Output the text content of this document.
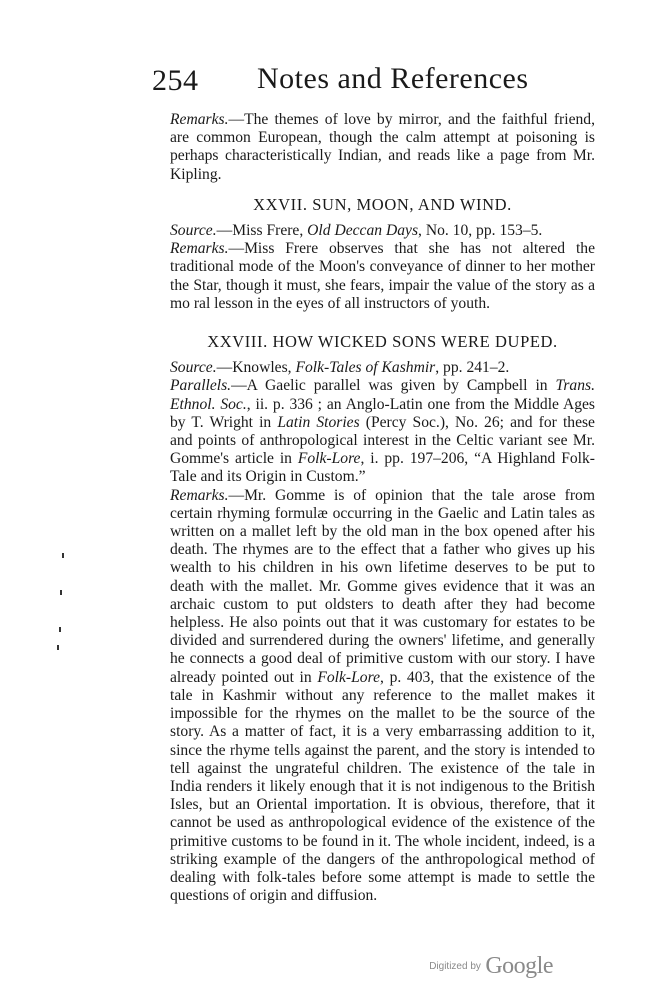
254 Notes and References

Remarks.—The themes of love by mirror, and the faithful friend, are common European, though the calm attempt at poisoning is perhaps characteristically Indian, and reads like a page from Mr. Kipling.

XXVII. SUN, MOON, AND WIND.

Source.—Miss Frere, Old Deccan Days, No. 10, pp. 153–5.

Remarks.—Miss Frere observes that she has not altered the traditional mode of the Moon's conveyance of dinner to her mother the Star, though it must, she fears, impair the value of the story as a mo ral lesson in the eyes of all instructors of youth.

XXVIII. HOW WICKED SONS WERE DUPED.

Source.—Knowles, Folk-Tales of Kashmir, pp. 241–2.

Parallels.—A Gaelic parallel was given by Campbell in Trans. Ethnol. Soc., ii. p. 336 ; an Anglo-Latin one from the Middle Ages by T. Wright in Latin Stories (Percy Soc.), No. 26; and for these and points of anthropological interest in the Celtic variant see Mr. Gomme's article in Folk-Lore, i. pp. 197–206, “A Highland Folk-Tale and its Origin in Custom.”

Remarks.—Mr. Gomme is of opinion that the tale arose from certain rhyming formulæ occurring in the Gaelic and Latin tales as written on a mallet left by the old man in the box opened after his death. The rhymes are to the effect that a father who gives up his wealth to his children in his own lifetime deserves to be put to death with the mallet. Mr. Gomme gives evidence that it was an archaic custom to put oldsters to death after they had become helpless. He also points out that it was customary for estates to be divided and surrendered during the owners' lifetime, and generally he connects a good deal of primitive custom with our story. I have already pointed out in Folk-Lore, p. 403, that the existence of the tale in Kashmir without any reference to the mallet makes it impossible for the rhymes on the mallet to be the source of the story. As a matter of fact, it is a very embarrassing addition to it, since the rhyme tells against the parent, and the story is intended to tell against the ungrateful children. The existence of the tale in India renders it likely enough that it is not indigenous to the British Isles, but an Oriental importation. It is obvious, therefore, that it cannot be used as anthropological evidence of the existence of the primitive customs to be found in it. The whole incident, indeed, is a striking example of the dangers of the anthropological method of dealing with folk-tales before some attempt is made to settle the questions of origin and diffusion.

Digitized by Google
